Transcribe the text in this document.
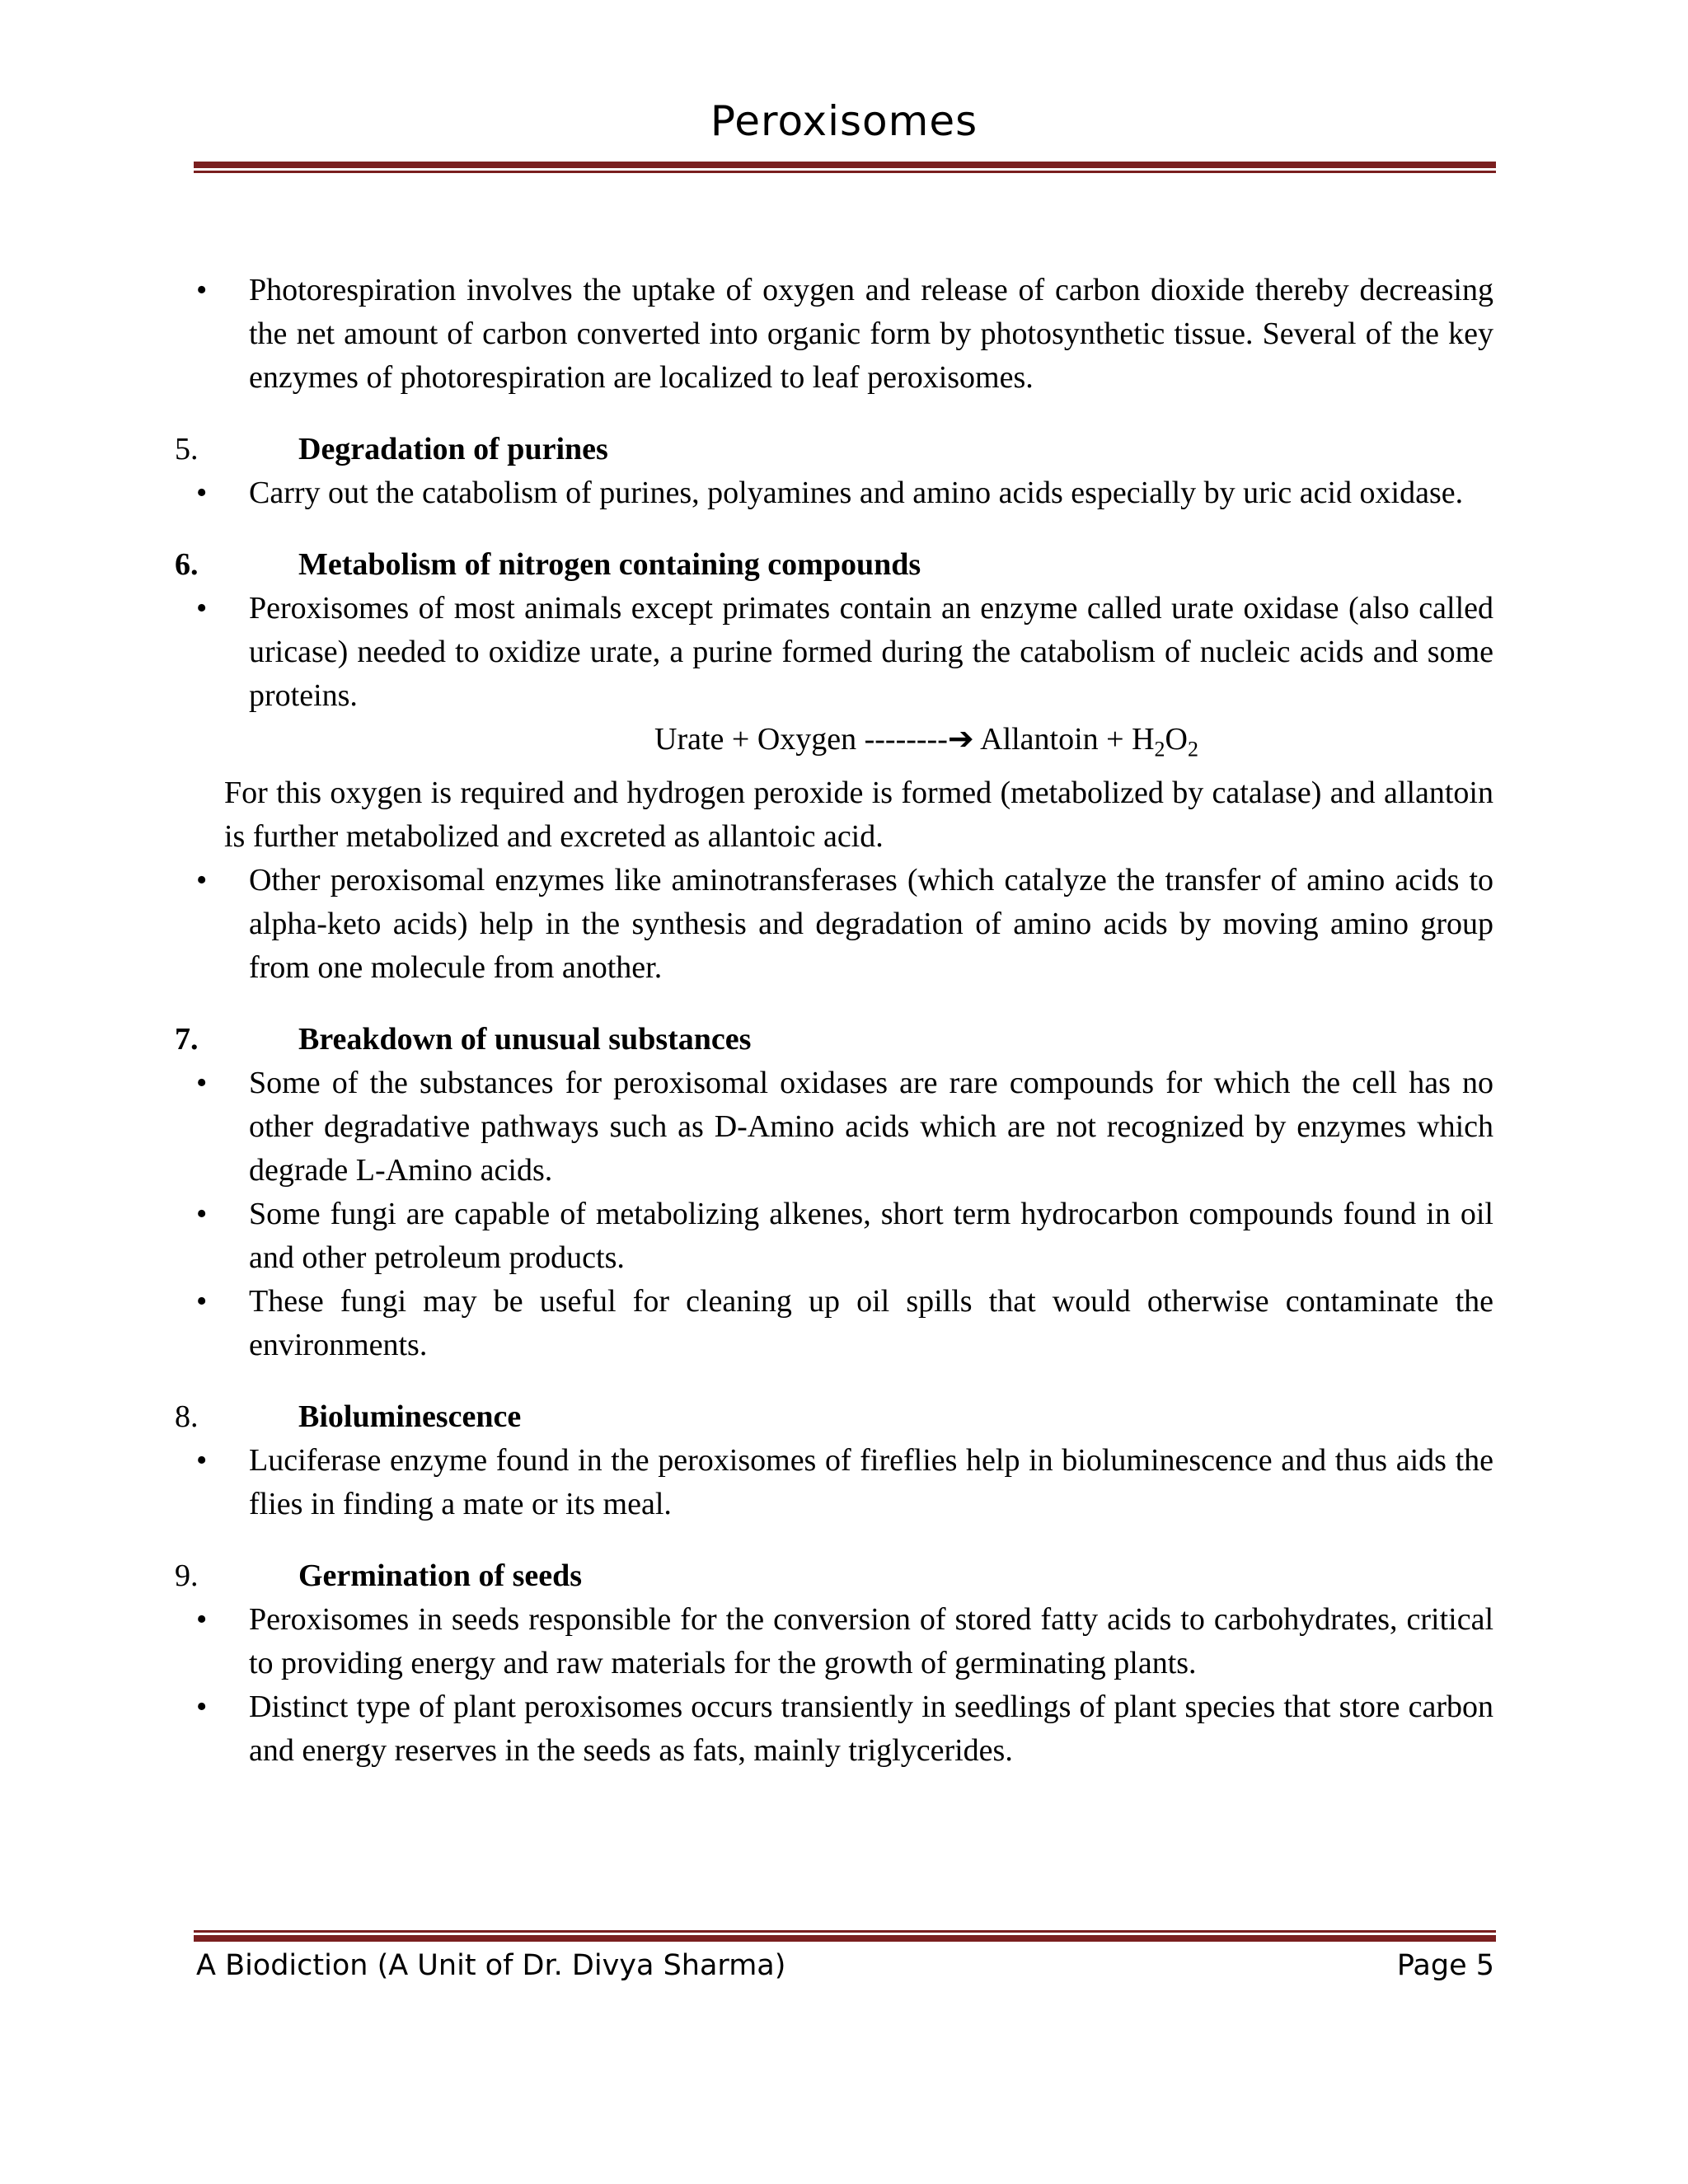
Peroxisomes
• Photorespiration involves the uptake of oxygen and release of carbon dioxide thereby decreasing the net amount of carbon converted into organic form by photosynthetic tissue. Several of the key enzymes of photorespiration are localized to leaf peroxisomes.
5.	Degradation of purines
• Carry out the catabolism of purines, polyamines and amino acids especially by uric acid oxidase.
6.	Metabolism of nitrogen containing compounds
• Peroxisomes of most animals except primates contain an enzyme called urate oxidase (also called uricase) needed to oxidize urate, a purine formed during the catabolism of nucleic acids and some proteins.
Urate + Oxygen --------➔ Allantoin + $H_2O_2$
For this oxygen is required and hydrogen peroxide is formed (metabolized by catalase) and allantoin is further metabolized and excreted as allantoic acid.
• Other peroxisomal enzymes like aminotransferases (which catalyze the transfer of amino acids to alpha-keto acids) help in the synthesis and degradation of amino acids by moving amino group from one molecule from another.
7.	Breakdown of unusual substances
• Some of the substances for peroxisomal oxidases are rare compounds for which the cell has no other degradative pathways such as D-Amino acids which are not recognized by enzymes which degrade L-Amino acids.
• Some fungi are capable of metabolizing alkenes, short term hydrocarbon compounds found in oil and other petroleum products.
• These fungi may be useful for cleaning up oil spills that would otherwise contaminate the environments.
8.	Bioluminescence
• Luciferase enzyme found in the peroxisomes of fireflies help in bioluminescence and thus aids the flies in finding a mate or its meal.
9.	Germination of seeds
• Peroxisomes in seeds responsible for the conversion of stored fatty acids to carbohydrates, critical to providing energy and raw materials for the growth of germinating plants.
• Distinct type of plant peroxisomes occurs transiently in seedlings of plant species that store carbon and energy reserves in the seeds as fats, mainly triglycerides.
A Biodiction (A Unit of Dr. Divya Sharma)	Page 5
